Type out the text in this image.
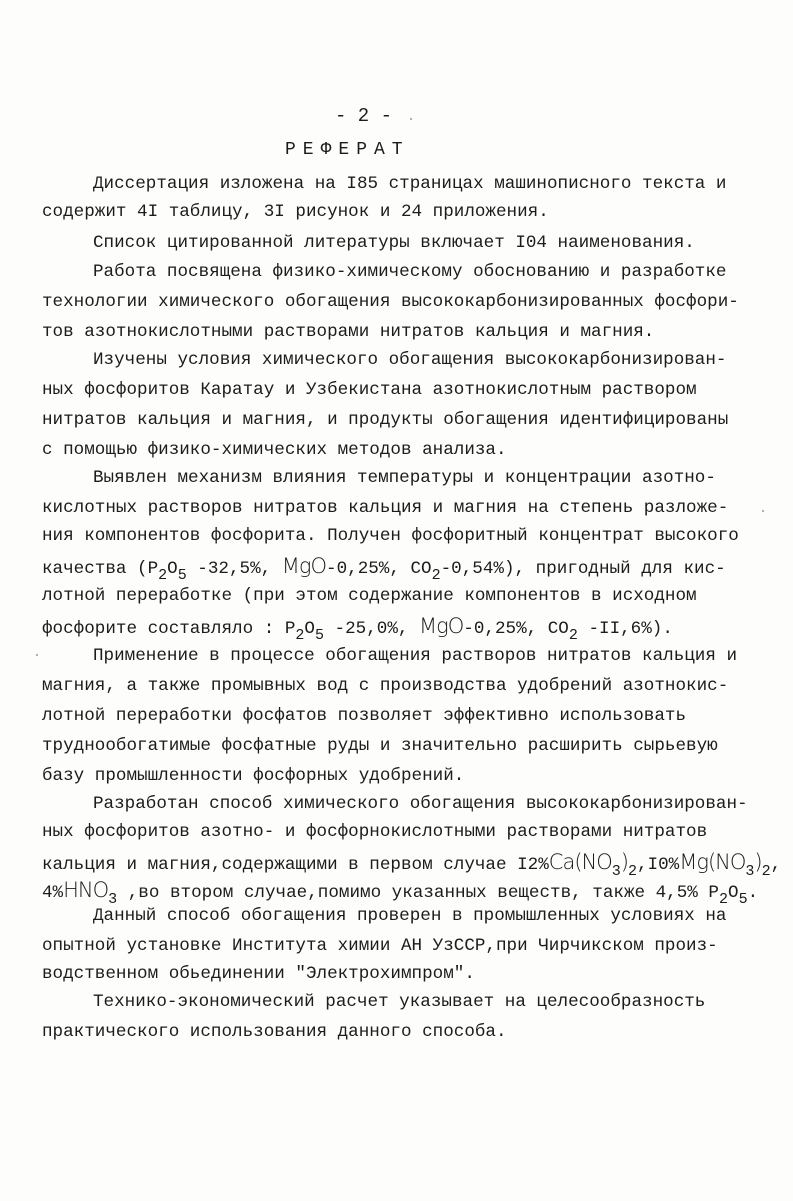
- 2 -
РЕФЕРАТ
Диссертация изложена на I85 страницах машинописного текста и
содержит 4I таблицу, 3I рисунок и 24 приложения.
Список цитированной литературы включает I04 наименования.
Работа посвящена физико-химическому обоснованию и разработке
технологии химического обогащения высококарбонизированных фосфори-
тов азотнокислотными растворами нитратов кальция и магния.
Изучены условия химического обогащения высококарбонизирован-
ных фосфоритов Каратау и Узбекистана азотнокислотным раствором
нитратов кальция и магния, и продукты обогащения идентифицированы
с помощью физико-химических методов анализа.
Выявлен механизм влияния температуры и концентрации азотно-
кислотных растворов нитратов кальция и магния на степень разложе-
ния компонентов фосфорита. Получен фосфоритный концентрат высокого
качества (P2O5 -32,5%, MgO-0,25%, CO2-0,54%), пригодный для кис-
лотной переработке (при этом содержание компонентов в исходном
фосфорите составляло : P2O5 -25,0%, MgO-0,25%, CO2 -II,6%).
Применение в процессе обогащения растворов нитратов кальция и
магния, а также промывных вод с производства удобрений азотнокис-
лотной переработки фосфатов позволяет эффективно использовать
труднообогатимые фосфатные руды и значительно расширить сырьевую
базу промышленности фосфорных удобрений.
Разработан способ химического обогащения высококарбонизирован-
ных фосфоритов азотно- и фосфорнокислотными растворами нитратов
кальция и магния,содержащими в первом случае I2%Ca(NO3)2,I0%Mg(NO3)2,
4%HNO3 ,во втором случае,помимо указанных веществ, также 4,5% P2O5.
Данный способ обогащения проверен в промышленных условиях на
опытной установке Института химии АН УзССР,при Чирчикском произ-
водственном обьединении "Электрохимпром".
Технико-экономический расчет указывает на целесообразность
практического использования данного способа.
